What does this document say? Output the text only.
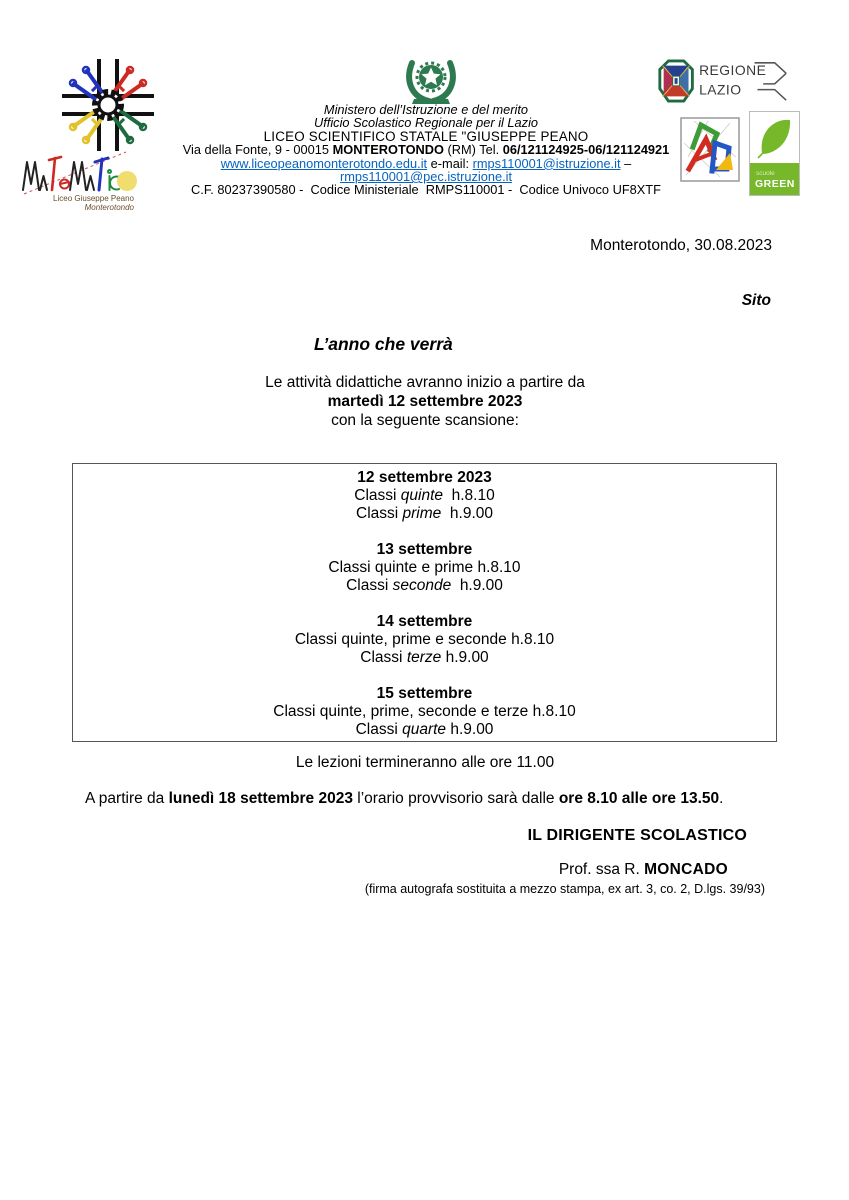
Liceo Giuseppe Peano
Monterotondo
Ministero dell’Istruzione e del merito
Ufficio Scolastico Regionale per il Lazio
LICEO SCIENTIFICO STATALE "GIUSEPPE PEANO
Via della Fonte, 9 - 00015 MONTEROTONDO (RM) Tel. 06/121124925-06/121124921
www.liceopeanomonterotondo.edu.it e-mail: rmps110001@istruzione.it –
rmps110001@pec.istruzione.it
C.F. 80237390580 -  Codice Ministeriale  RMPS110001 -  Codice Univoco UF8XTF
REGIONE
LAZIO
scuole
GREEN
Monterotondo, 30.08.2023
Sito
L’anno che verrà
Le attività didattiche avranno inizio a partire da
martedì 12 settembre 2023
con la seguente scansione:
12 settembre 2023
Classi quinte  h.8.10
Classi prime  h.9.00
13 settembre
Classi quinte e prime h.8.10
Classi seconde  h.9.00
14 settembre
Classi quinte, prime e seconde h.8.10
Classi terze h.9.00
15 settembre
Classi quinte, prime, seconde e terze h.8.10
Classi quarte h.9.00
Le lezioni termineranno alle ore 11.00
A partire da lunedì 18 settembre 2023 l’orario provvisorio sarà dalle ore 8.10 alle ore 13.50.
IL DIRIGENTE SCOLASTICO
Prof. ssa R. MONCADO
(firma autografa sostituita a mezzo stampa, ex art. 3, co. 2, D.lgs. 39/93)
